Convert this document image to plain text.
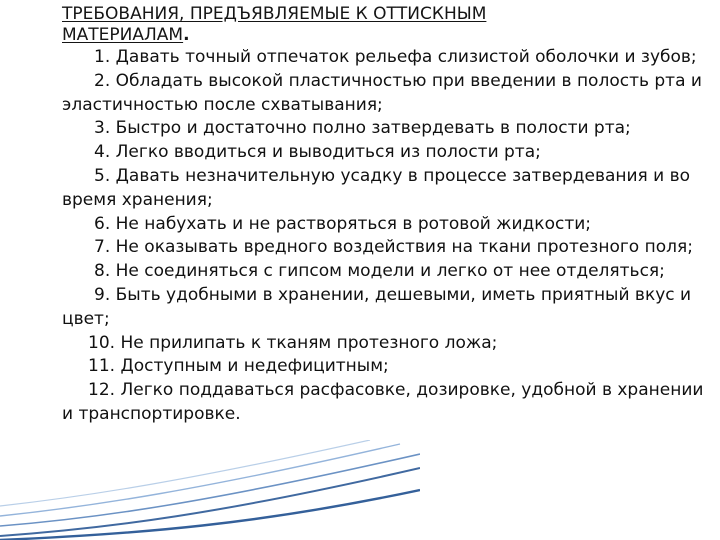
ТРЕБОВАНИЯ, ПРЕДЪЯВЛЯЕМЫЕ К ОТТИСКНЫМ
МАТЕРИАЛАМ.
1. Давать точный отпечаток рельефа слизистой оболочки и зубов;
2. Обладать высокой пластичностью при введении в полость рта и эластичностью после схватывания;
3. Быстро и достаточно полно затвердевать в полости рта;
4. Легко вводиться и выводиться из полости рта;
5. Давать незначительную усадку в процессе затвердевания и во время хранения;
6. Не набухать и не растворяться в ротовой жидкости;
7. Не оказывать вредного воздействия на ткани протезного поля;
8. Не соединяться с гипсом модели и легко от нее отделяться;
9. Быть удобными в хранении, дешевыми, иметь приятный вкус и цвет;
10. Не прилипать к тканям протезного ложа;
11. Доступным и недефицитным;
12. Легко поддаваться расфасовке, дозировке, удобной в хранении и транспортировке.
